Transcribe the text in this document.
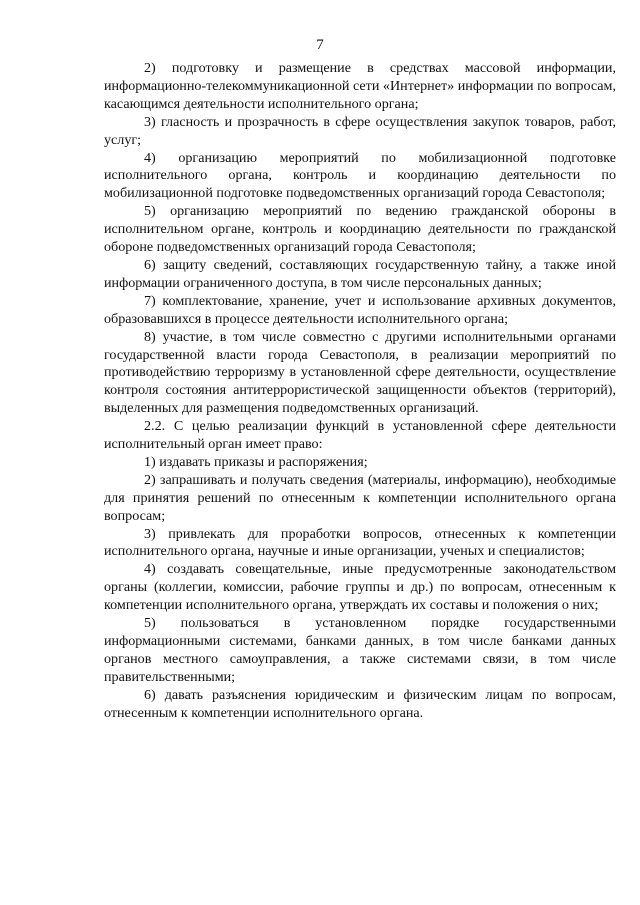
7

2) подготовку и размещение в средствах массовой информации, информационно-телекоммуникационной сети «Интернет» информации по вопросам, касающимся деятельности исполнительного органа;

3) гласность и прозрачность в сфере осуществления закупок товаров, работ, услуг;

4) организацию мероприятий по мобилизационной подготовке исполнительного органа, контроль и координацию деятельности по мобилизационной подготовке подведомственных организаций города Севастополя;

5) организацию мероприятий по ведению гражданской обороны в исполнительном органе, контроль и координацию деятельности по гражданской обороне подведомственных организаций города Севастополя;

6) защиту сведений, составляющих государственную тайну, а также иной информации ограниченного доступа, в том числе персональных данных;

7) комплектование, хранение, учет и использование архивных документов, образовавшихся в процессе деятельности исполнительного органа;

8) участие, в том числе совместно с другими исполнительными органами государственной власти города Севастополя, в реализации мероприятий по противодействию терроризму в установленной сфере деятельности, осуществление контроля состояния антитеррористической защищенности объектов (территорий), выделенных для размещения подведомственных организаций.

2.2. С целью реализации функций в установленной сфере деятельности исполнительный орган имеет право:

1) издавать приказы и распоряжения;

2) запрашивать и получать сведения (материалы, информацию), необходимые для принятия решений по отнесенным к компетенции исполнительного органа вопросам;

3) привлекать для проработки вопросов, отнесенных к компетенции исполнительного органа, научные и иные организации, ученых и специалистов;

4) создавать совещательные, иные предусмотренные законодательством органы (коллегии, комиссии, рабочие группы и др.) по вопросам, отнесенным к компетенции исполнительного органа, утверждать их составы и положения о них;

5) пользоваться в установленном порядке государственными информационными системами, банками данных, в том числе банками данных органов местного самоуправления, а также системами связи, в том числе правительственными;

6) давать разъяснения юридическим и физическим лицам по вопросам, отнесенным к компетенции исполнительного органа.
